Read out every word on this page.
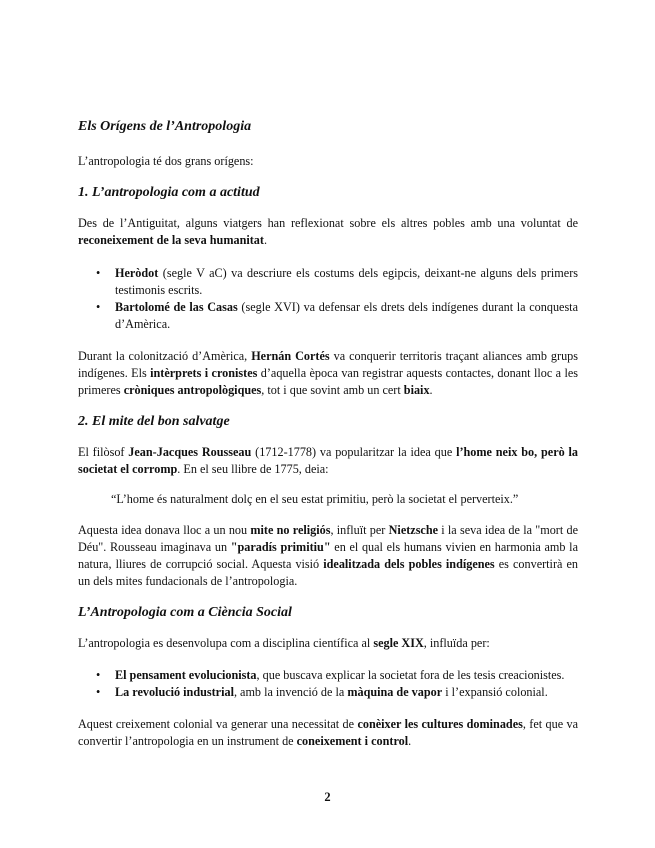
Els Orígens de l’Antropologia

L’antropologia té dos grans orígens:

1. L’antropologia com a actitud

Des de l’Antiguitat, alguns viatgers han reflexionat sobre els altres pobles amb una voluntat de reconeixement de la seva humanitat.

• Heròdot (segle V aC) va descriure els costums dels egipcis, deixant-ne alguns dels primers testimonis escrits.
• Bartolomé de las Casas (segle XVI) va defensar els drets dels indígenes durant la conquesta d’Amèrica.

Durant la colonització d’Amèrica, Hernán Cortés va conquerir territoris traçant aliances amb grups indígenes. Els intèrprets i cronistes d’aquella època van registrar aquests contactes, donant lloc a les primeres cròniques antropològiques, tot i que sovint amb un cert biaix.

2. El mite del bon salvatge

El filòsof Jean-Jacques Rousseau (1712-1778) va popularitzar la idea que l’home neix bo, però la societat el corromp. En el seu llibre de 1775, deia:

“L’home és naturalment dolç en el seu estat primitiu, però la societat el perverteix.”

Aquesta idea donava lloc a un nou mite no religiós, influït per Nietzsche i la seva idea de la "mort de Déu". Rousseau imaginava un "paradís primitiu" en el qual els humans vivien en harmonia amb la natura, lliures de corrupció social. Aquesta visió idealitzada dels pobles indígenes es convertirà en un dels mites fundacionals de l’antropologia.

L’Antropologia com a Ciència Social

L’antropologia es desenvolupa com a disciplina científica al segle XIX, influïda per:

• El pensament evolucionista, que buscava explicar la societat fora de les tesis creacionistes.
• La revolució industrial, amb la invenció de la màquina de vapor i l’expansió colonial.

Aquest creixement colonial va generar una necessitat de conèixer les cultures dominades, fet que va convertir l’antropologia en un instrument de coneixement i control.

2
